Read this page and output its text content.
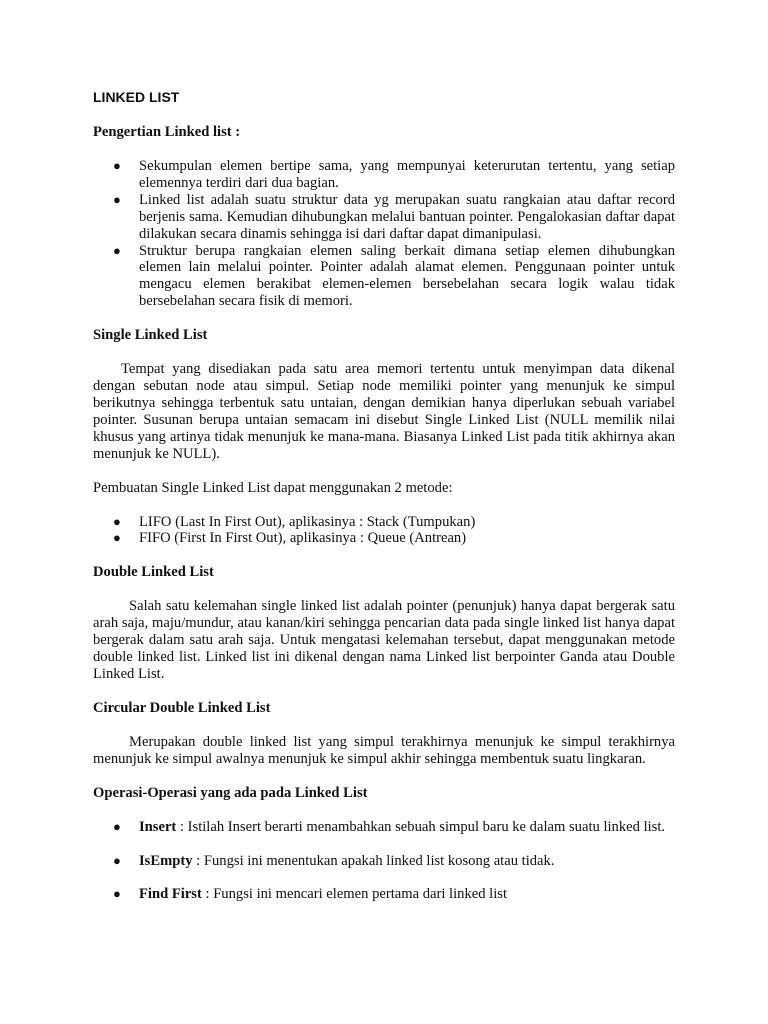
LINKED LIST
Pengertian Linked list :
● Sekumpulan elemen bertipe sama, yang mempunyai keterurutan tertentu, yang setiap elemennya terdiri dari dua bagian.
● Linked list adalah suatu struktur data yg merupakan suatu rangkaian atau daftar record berjenis sama. Kemudian dihubungkan melalui bantuan pointer. Pengalokasian daftar dapat dilakukan secara dinamis sehingga isi dari daftar dapat dimanipulasi.
● Struktur berupa rangkaian elemen saling berkait dimana setiap elemen dihubungkan elemen lain melalui pointer. Pointer adalah alamat elemen. Penggunaan pointer untuk mengacu elemen berakibat elemen-elemen bersebelahan secara logik walau tidak bersebelahan secara fisik di memori.
Single Linked List

Tempat yang disediakan pada satu area memori tertentu untuk menyimpan data dikenal dengan sebutan node atau simpul. Setiap node memiliki pointer yang menunjuk ke simpul berikutnya sehingga terbentuk satu untaian, dengan demikian hanya diperlukan sebuah variabel pointer. Susunan berupa untaian semacam ini disebut Single Linked List (NULL memilik nilai khusus yang artinya tidak menunjuk ke mana-mana. Biasanya Linked List pada titik akhirnya akan menunjuk ke NULL).

Pembuatan Single Linked List dapat menggunakan 2 metode:

● LIFO (Last In First Out), aplikasinya : Stack (Tumpukan)
● FIFO (First In First Out), aplikasinya : Queue (Antrean)
Double Linked List

Salah satu kelemahan single linked list adalah pointer (penunjuk) hanya dapat bergerak satu arah saja, maju/mundur, atau kanan/kiri sehingga pencarian data pada single linked list hanya dapat bergerak dalam satu arah saja. Untuk mengatasi kelemahan tersebut, dapat menggunakan metode double linked list. Linked list ini dikenal dengan nama Linked list berpointer Ganda atau Double Linked List.

Circular Double Linked List

Merupakan double linked list yang simpul terakhirnya menunjuk ke simpul terakhirnya menunjuk ke simpul awalnya menunjuk ke simpul akhir sehingga membentuk suatu lingkaran.

Operasi-Operasi yang ada pada Linked List
● Insert : Istilah Insert berarti menambahkan sebuah simpul baru ke dalam suatu linked list.
● IsEmpty : Fungsi ini menentukan apakah linked list kosong atau tidak.
● Find First : Fungsi ini mencari elemen pertama dari linked list
